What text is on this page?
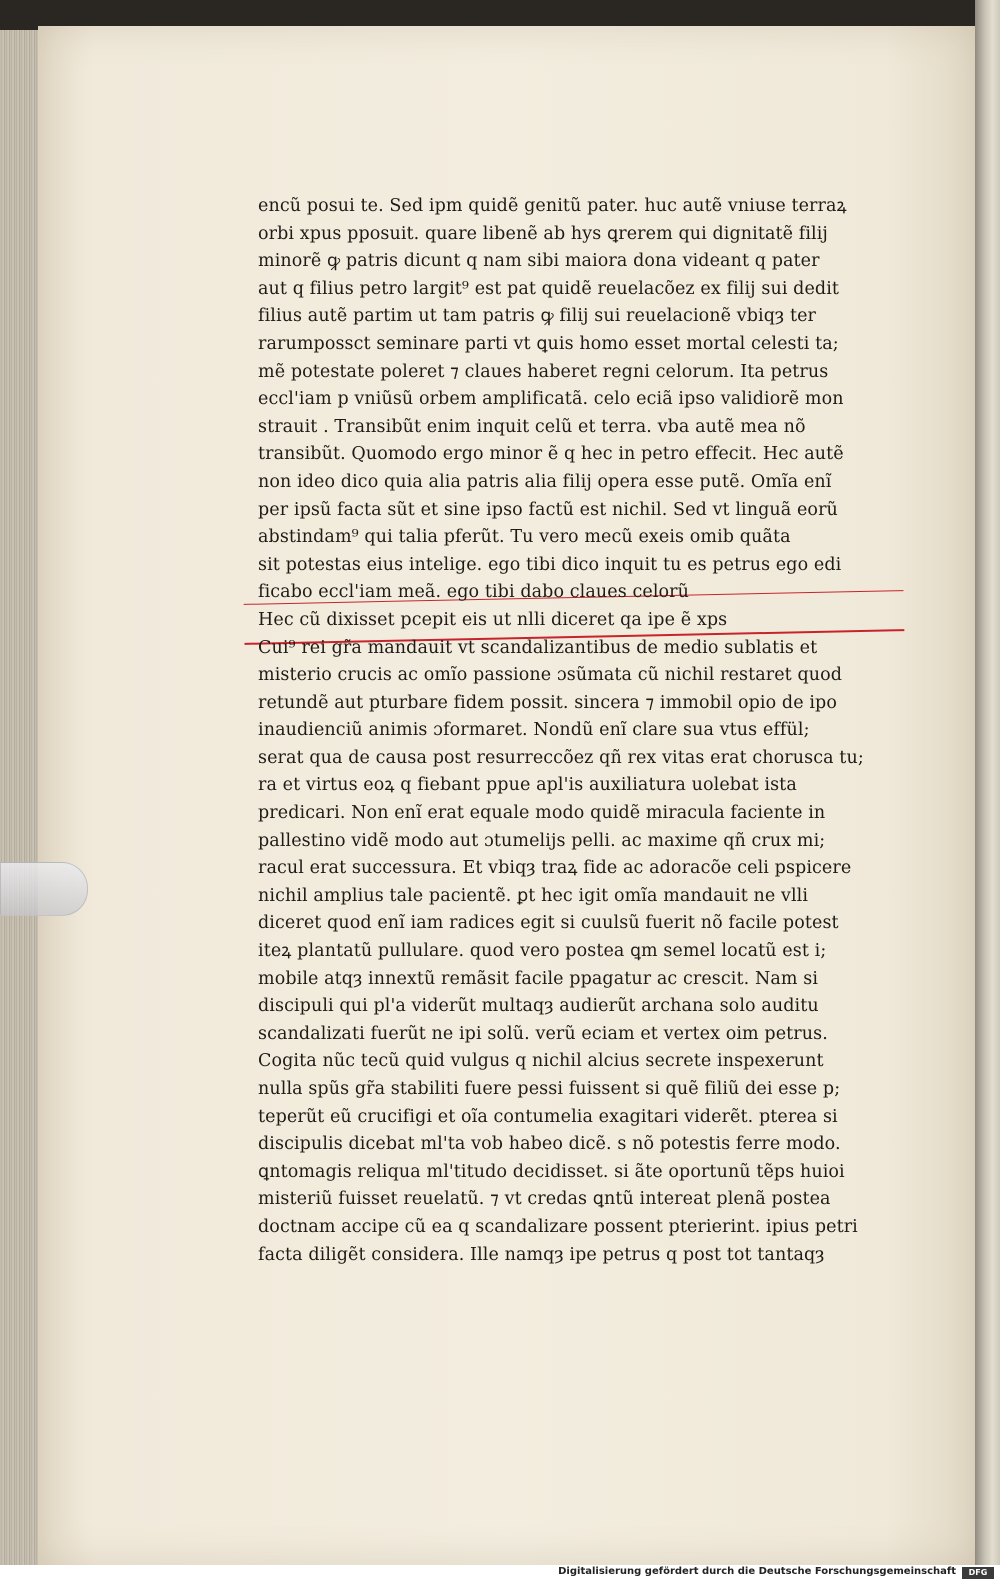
encũ posui te. Sed ipm quidẽ genitũ pater. huc autẽ vniuse terraꝝ
orbi xpus pposuit. quare libenẽ ab hys ꝗrerem qui dignitatẽ filij
minorẽ ꝙ patris dicunt q nam sibi maiora dona videant q pater
aut q filius petro largit⁹ est pat quidẽ reuelacõez ex filij sui dedit
filius autẽ partim ut tam patris ꝙ filij sui reuelacionẽ vbiqȝ ter
rarumpossct seminare parti vt ꝗuis homo esset mortal celesti ta;
mẽ potestate poleret ⁊ claues haberet regni celorum. Ita petrus
eccl'iam p vniũsũ orbem amplificatã. celo eciã ipso validiorẽ mon
strauit . Transibũt enim inquit celũ et terra. vba autẽ mea nõ
transibũt. Quomodo ergo minor ẽ q hec in petro effecit. Hec autẽ
non ideo dico quia alia patris alia filij opera esse putẽ. Omĩa enĩ
per ipsũ facta sũt et sine ipso factũ est nichil. Sed vt linguã eorũ
abstindam⁹ qui talia pferũt. Tu vero mecũ exeis omib quãta
sit potestas eius intelige. ego tibi dico inquit tu es petrus ego edi
ficabo eccl'iam meã. ego tibi dabo claues celorũ
Hec cũ dixisset pcepit eis ut nlli diceret qa ipe ẽ xps
Cui⁹ rei gr̃a mandauit vt scandalizantibus de medio sublatis et
misterio crucis ac omĩo passione ɔsũmata cũ nichil restaret quod
retundẽ aut pturbare fidem possit. sincera ⁊ immobil opio de ipo
inaudienciũ animis ɔformaret. Nondũ enĩ clare sua vtus effül;
serat qua de causa post resurreccõez qñ rex vitas erat chorusca tu;
ra et virtus eoꝝ q fiebant ppue apl'is auxiliatura uolebat ista
predicari. Non enĩ erat equale modo quidẽ miracula faciente in
pallestino vidẽ modo aut ɔtumelijs pelli. ac maxime qñ crux mi;
racul erat successura. Et vbiqȝ traꝝ fide ac adoracõe celi pspicere
nichil amplius tale pacientẽ. ꝑt hec igit omĩa mandauit ne vlli
diceret quod enĩ iam radices egit si cuulsũ fuerit nõ facile potest
iteꝝ plantatũ pullulare. quod vero postea ꝗm semel locatũ est i;
mobile atqȝ innextũ remãsit facile ppagatur ac crescit. Nam si
discipuli qui pl'a viderũt multaqȝ audierũt archana solo auditu
scandalizati fuerũt ne ipi solũ. verũ eciam et vertex oim petrus.
Cogita nũc tecũ quid vulgus q nichil alcius secrete inspexerunt
nulla spũs gr̃a stabiliti fuere pessi fuissent si quẽ filiũ dei esse p;
teperũt eũ crucifigi et oĩa contumelia exagitari viderẽt. pterea si
discipulis dicebat ml'ta vob habeo dicẽ. s nõ potestis ferre modo.
ꝗntomagis reliqua ml'titudo decidisset. si ãte oportunũ tẽps huioi
misteriũ fuisset reuelatũ. ⁊ vt credas ꝗntũ intereat plenã postea
doctnam accipe cũ ea q scandalizare possent pterierint. ipius petri
facta diligẽt considera. Ille namqȝ ipe petrus q post tot tantaqȝ
Digitalisierung gefördert durch die Deutsche Forschungsgemeinschaft	DFG
